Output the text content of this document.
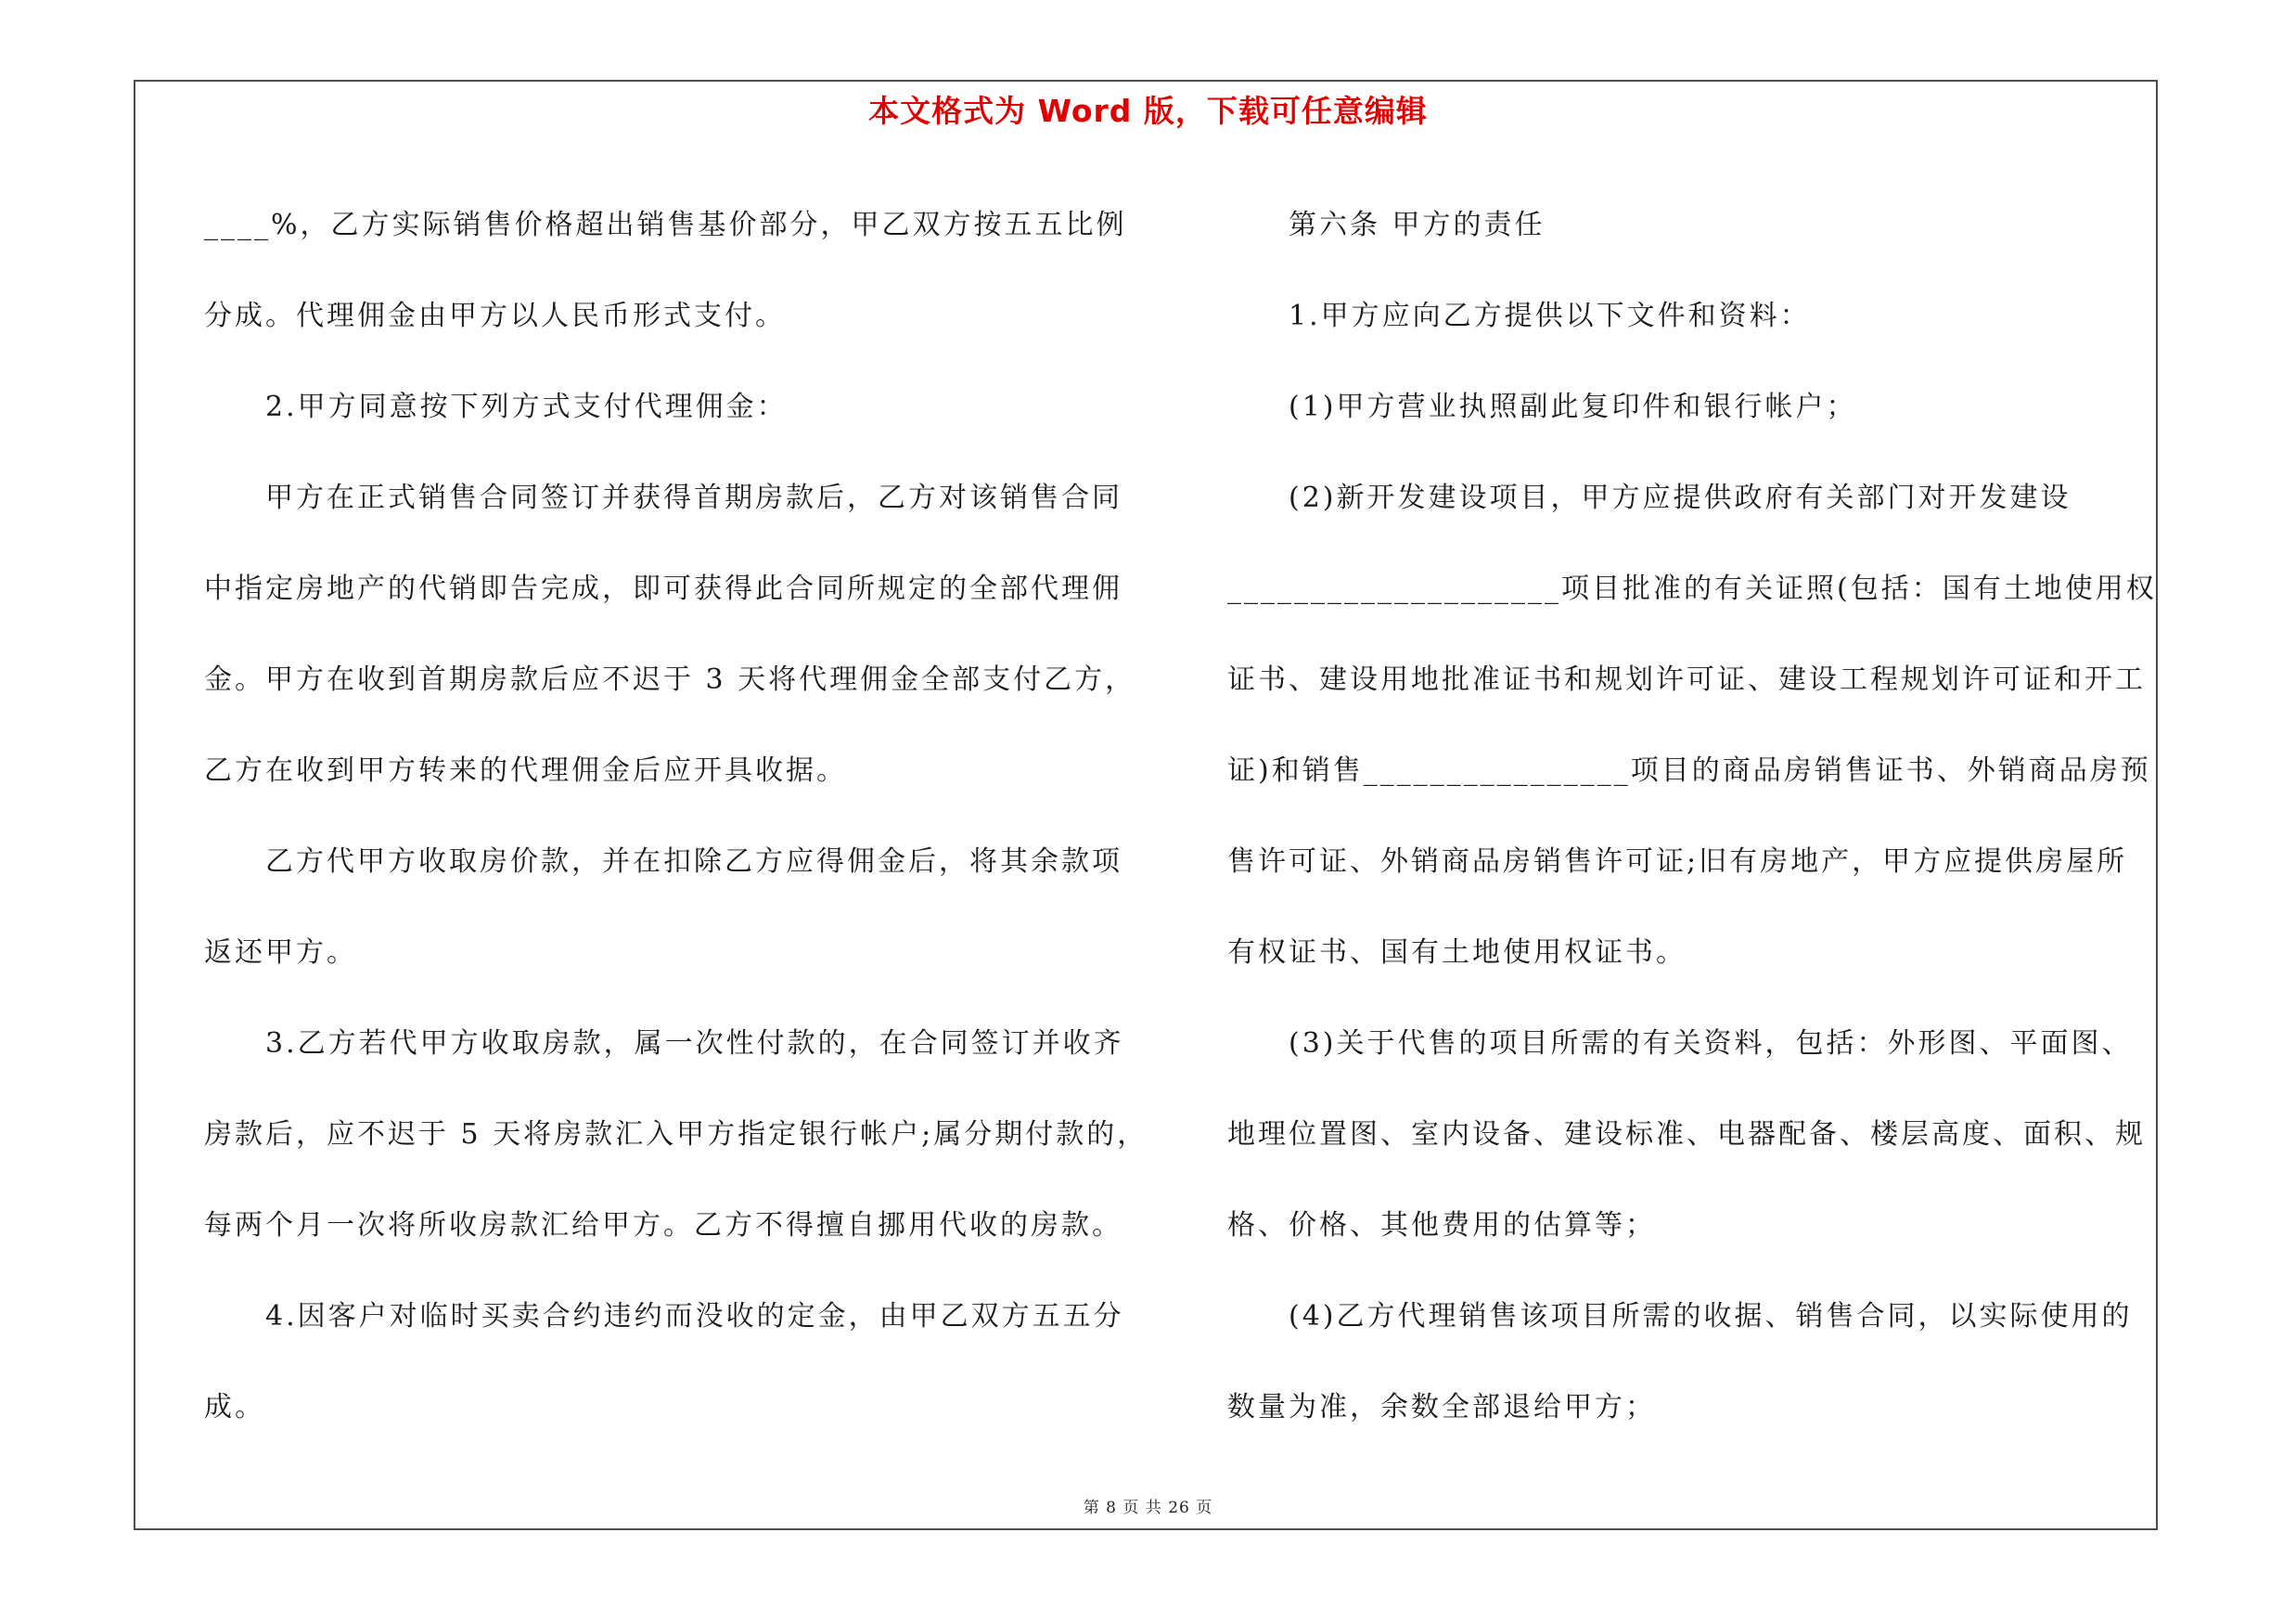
本文格式为 Word 版，下载可任意编辑
____%，乙方实际销售价格超出销售基价部分，甲乙双方按五五比例
分成。代理佣金由甲方以人民币形式支付。
2.甲方同意按下列方式支付代理佣金：
甲方在正式销售合同签订并获得首期房款后，乙方对该销售合同
中指定房地产的代销即告完成，即可获得此合同所规定的全部代理佣
金。甲方在收到首期房款后应不迟于 3 天将代理佣金全部支付乙方，
乙方在收到甲方转来的代理佣金后应开具收据。
乙方代甲方收取房价款，并在扣除乙方应得佣金后，将其余款项
返还甲方。
3.乙方若代甲方收取房款，属一次性付款的，在合同签订并收齐
房款后，应不迟于 5 天将房款汇入甲方指定银行帐户;属分期付款的，
每两个月一次将所收房款汇给甲方。乙方不得擅自挪用代收的房款。
4.因客户对临时买卖合约违约而没收的定金，由甲乙双方五五分
成。
第六条 甲方的责任
1.甲方应向乙方提供以下文件和资料：
(1)甲方营业执照副此复印件和银行帐户；
(2)新开发建设项目，甲方应提供政府有关部门对开发建设
____________________项目批准的有关证照(包括：国有土地使用权
证书、建设用地批准证书和规划许可证、建设工程规划许可证和开工
证)和销售________________项目的商品房销售证书、外销商品房预
售许可证、外销商品房销售许可证;旧有房地产，甲方应提供房屋所
有权证书、国有土地使用权证书。
(3)关于代售的项目所需的有关资料，包括：外形图、平面图、
地理位置图、室内设备、建设标准、电器配备、楼层高度、面积、规
格、价格、其他费用的估算等；
(4)乙方代理销售该项目所需的收据、销售合同，以实际使用的
数量为准，余数全部退给甲方；
第 8 页 共 26 页
